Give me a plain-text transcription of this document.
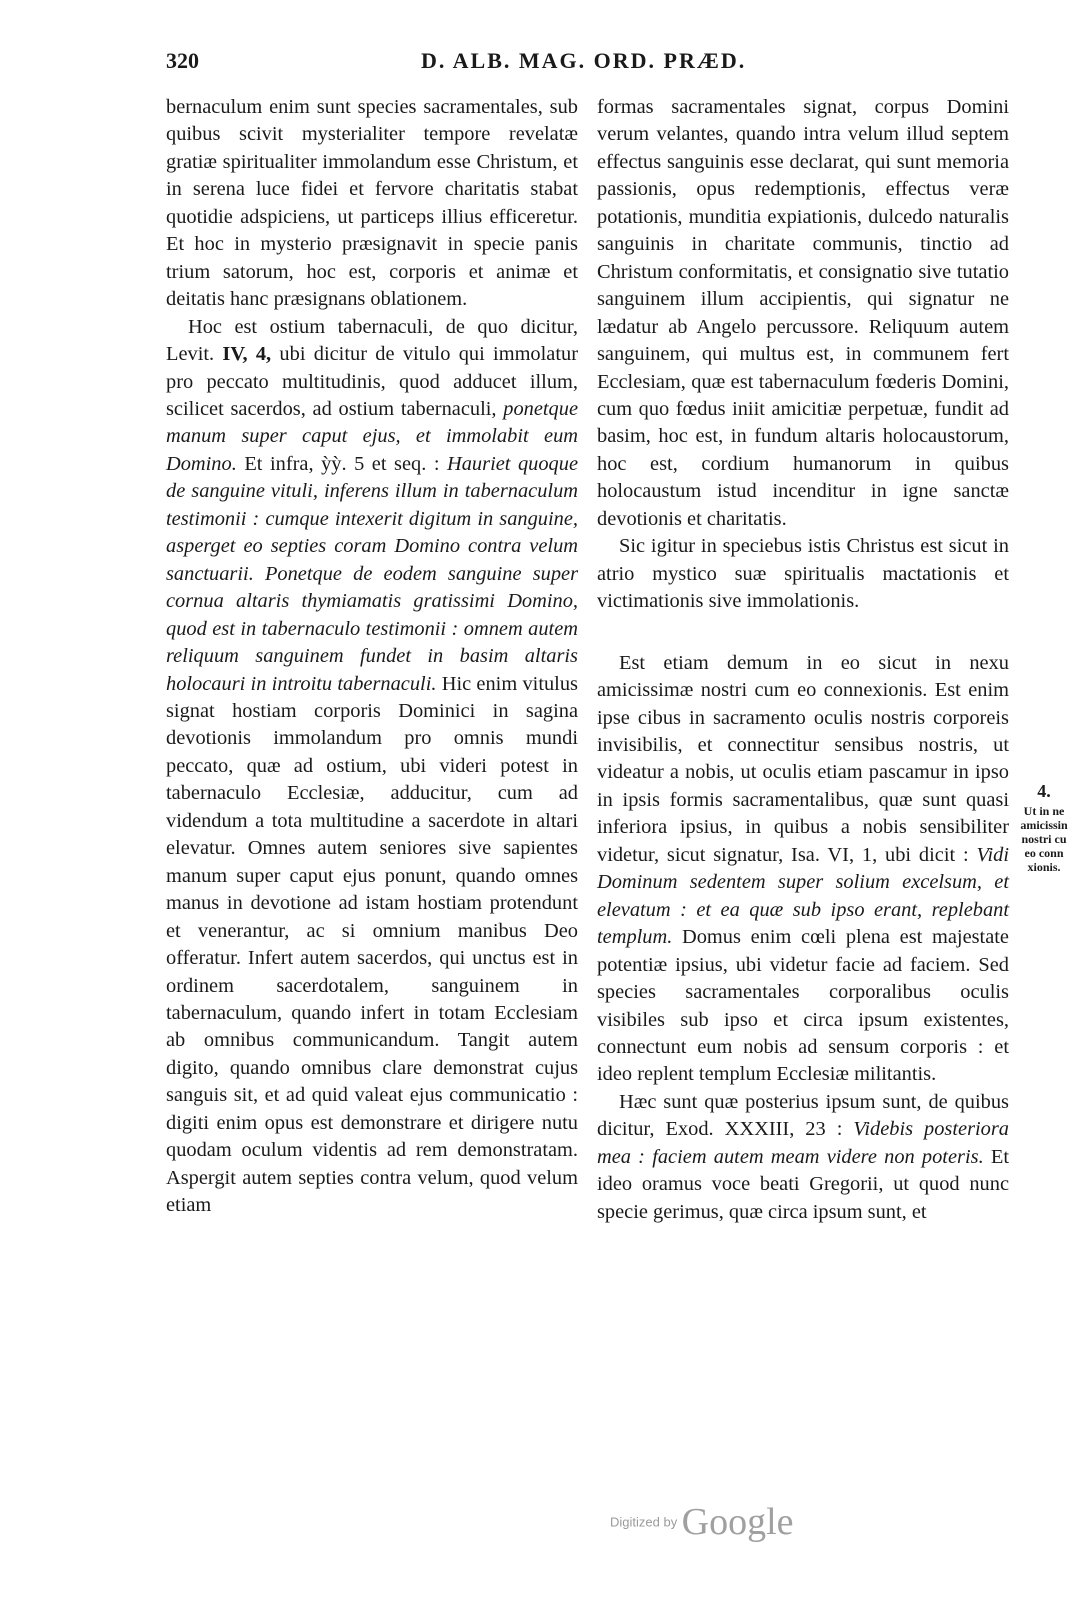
320	D. ALB. MAG. ORD. PRÆD.

bernaculum enim sunt species sacramentales, sub quibus scivit mysterialiter tempore revelatæ gratiæ spiritualiter immolandum esse Christum, et in serena luce fidei et fervore charitatis stabat quotidie adspiciens, ut particeps illius efficeretur. Et hoc in mysterio præsignavit in specie panis trium satorum, hoc est, corporis et animæ et deitatis hanc præsignans oblationem.

Hoc est ostium tabernaculi, de quo dicitur, Levit. IV, 4, ubi dicitur de vitulo qui immolatur pro peccato multitudinis, quod adducet illum, scilicet sacerdos, ad ostium tabernaculi, ponetque manum super caput ejus, et immolabit eum Domino. Et infra, ỳỳ. 5 et seq. : Hauriet quoque de sanguine vituli, inferens illum in tabernaculum testimonii : cumque intexerit digitum in sanguine, asperget eo septies coram Domino contra velum sanctuarii. Ponetque de eodem sanguine super cornua altaris thymiamatis gratissimi Domino, quod est in tabernaculo testimonii : omnem autem reliquum sanguinem fundet in basim altaris holocauri in introitu tabernaculi. Hic enim vitulus signat hostiam corporis Dominici in sagina devotionis immolandum pro omnis mundi peccato, quæ ad ostium, ubi videri potest in tabernaculo Ecclesiæ, adducitur, cum ad videndum a tota multitudine a sacerdote in altari elevatur. Omnes autem seniores sive sapientes manum super caput ejus ponunt, quando omnes manus in devotione ad istam hostiam protendunt et venerantur, ac si omnium manibus Deo offeratur. Infert autem sacerdos, qui unctus est in ordinem sacerdotalem, sanguinem in tabernaculum, quando infert in totam Ecclesiam ab omnibus communicandum. Tangit autem digito, quando omnibus clare demonstrat cujus sanguis sit, et ad quid valeat ejus communicatio : digiti enim opus est demonstrare et dirigere nutu quodam oculum videntis ad rem demonstratam. Aspergit autem septies contra velum, quod velum etiam

formas sacramentales signat, corpus Domini verum velantes, quando intra velum illud septem effectus sanguinis esse declarat, qui sunt memoria passionis, opus redemptionis, effectus veræ potationis, munditia expiationis, dulcedo naturalis sanguinis in charitate communis, tinctio ad Christum conformitatis, et consignatio sive tutatio sanguinem illum accipientis, qui signatur ne lædatur ab Angelo percussore. Reliquum autem sanguinem, qui multus est, in communem fert Ecclesiam, quæ est tabernaculum fœderis Domini, cum quo fœdus iniit amicitiæ perpetuæ, fundit ad basim, hoc est, in fundum altaris holocaustorum, hoc est, cordium humanorum in quibus holocaustum istud incenditur in igne sanctæ devotionis et charitatis.

Sic igitur in speciebus istis Christus est sicut in atrio mystico suæ spiritualis mactationis et victimationis sive immolationis.

Est etiam demum in eo sicut in nexu amicissimæ nostri cum eo connexionis. Est enim ipse cibus in sacramento oculis nostris corporeis invisibilis, et connectitur sensibus nostris, ut videatur a nobis, ut oculis etiam pascamur in ipso in ipsis formis sacramentalibus, quæ sunt quasi inferiora ipsius, in quibus a nobis sensibiliter videtur, sicut signatur, Isa. VI, 1, ubi dicit : Vidi Dominum sedentem super solium excelsum, et elevatum : et ea quæ sub ipso erant, replebant templum. Domus enim cœli plena est majestate potentiæ ipsius, ubi videtur facie ad faciem. Sed species sacramentales corporalibus oculis visibiles sub ipso et circa ipsum existentes, connectunt eum nobis ad sensum corporis : et ideo replent templum Ecclesiæ militantis.

Hæc sunt quæ posterius ipsum sunt, de quibus dicitur, Exod. XXXIII, 23 : Videbis posteriora mea : faciem autem meam videre non poteris. Et ideo oramus voce beati Gregorii, ut quod nunc specie gerimus, quæ circa ipsum sunt, et

4.
Ut in ne
amicissin
nostri cu
eo conn
xionis.
Digitized by Google
